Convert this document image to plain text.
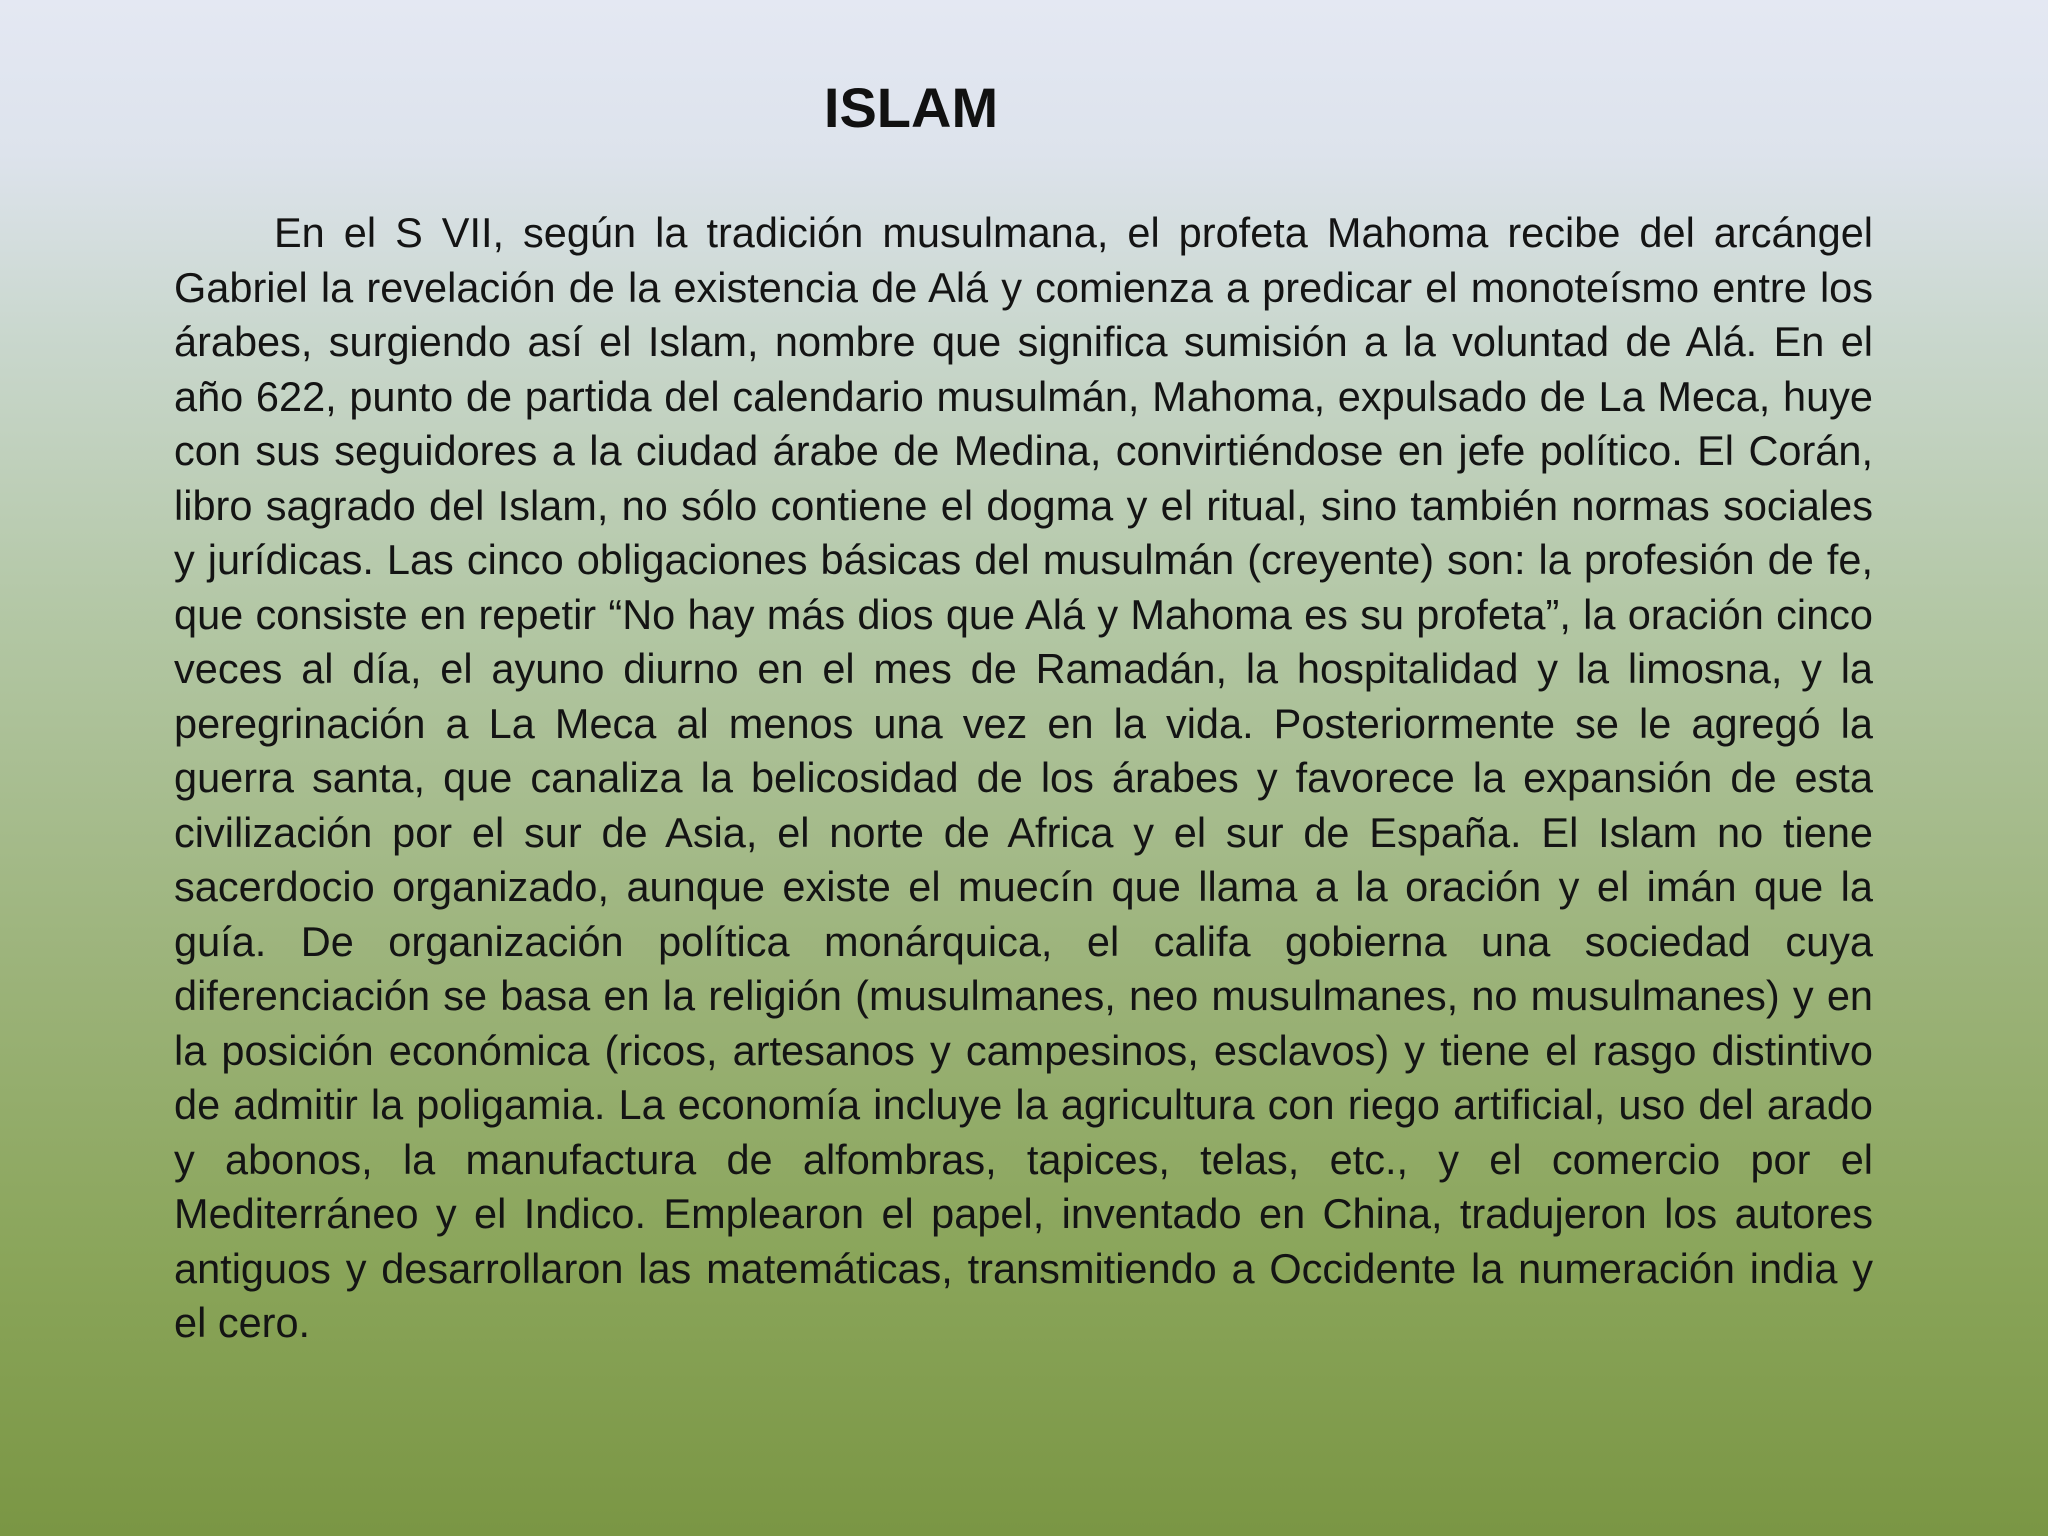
ISLAM

En el S VII, según la tradición musulmana, el profeta Mahoma recibe del arcángel Gabriel la revelación de la existencia de Alá y comienza a predicar el monoteísmo entre los árabes, surgiendo así el Islam, nombre que significa sumisión a la voluntad de Alá. En el año 622, punto de partida del calendario musulmán, Mahoma, expulsado de La Meca, huye con sus seguidores a la ciudad árabe de Medina, convirtiéndose en jefe político. El Corán, libro sagrado del Islam, no sólo contiene el dogma y el ritual, sino también normas sociales y jurídicas. Las cinco obligaciones básicas del musulmán (creyente) son: la profesión de fe, que consiste en repetir “No hay más dios que Alá y Mahoma es su profeta”, la oración cinco veces al día, el ayuno diurno en el mes de Ramadán, la hospitalidad y la limosna, y la peregrinación a La Meca al menos una vez en la vida. Posteriormente se le agregó la guerra santa, que canaliza la belicosidad de los árabes y favorece la expansión de esta civilización por el sur de Asia, el norte de Africa y el sur de España. El Islam no tiene sacerdocio organizado, aunque existe el muecín que llama a la oración y el imán que la guía. De organización política monárquica, el califa gobierna una sociedad cuya diferenciación se basa en la religión (musulmanes, neo musulmanes, no musulmanes) y en la posición económica (ricos, artesanos y campesinos, esclavos) y tiene el rasgo distintivo de admitir la poligamia. La economía incluye la agricultura con riego artificial, uso del arado y abonos, la manufactura de alfombras, tapices, telas, etc., y el comercio por el Mediterráneo y el Indico. Emplearon el papel, inventado en China, tradujeron los autores antiguos y desarrollaron las matemáticas, transmitiendo a Occidente la numeración india y el cero.
